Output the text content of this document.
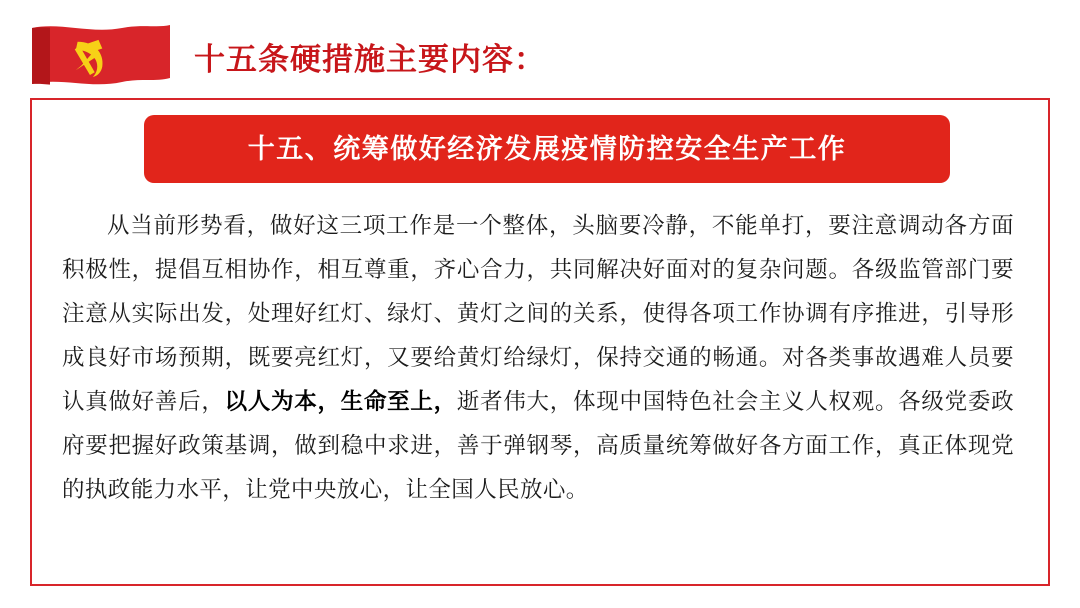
十五条硬措施主要内容：
十五、统筹做好经济发展疫情防控安全生产工作

从当前形势看，做好这三项工作是一个整体，头脑要冷静，不能单打，要注意调动各方面积极性，提倡互相协作，相互尊重，齐心合力，共同解决好面对的复杂问题。各级监管部门要注意从实际出发，处理好红灯、绿灯、黄灯之间的关系，使得各项工作协调有序推进，引导形成良好市场预期，既要亮红灯，又要给黄灯给绿灯，保持交通的畅通。对各类事故遇难人员要认真做好善后，以人为本，生命至上，逝者伟大，体现中国特色社会主义人权观。各级党委政府要把握好政策基调，做到稳中求进，善于弹钢琴，高质量统筹做好各方面工作，真正体现党的执政能力水平，让党中央放心，让全国人民放心。
